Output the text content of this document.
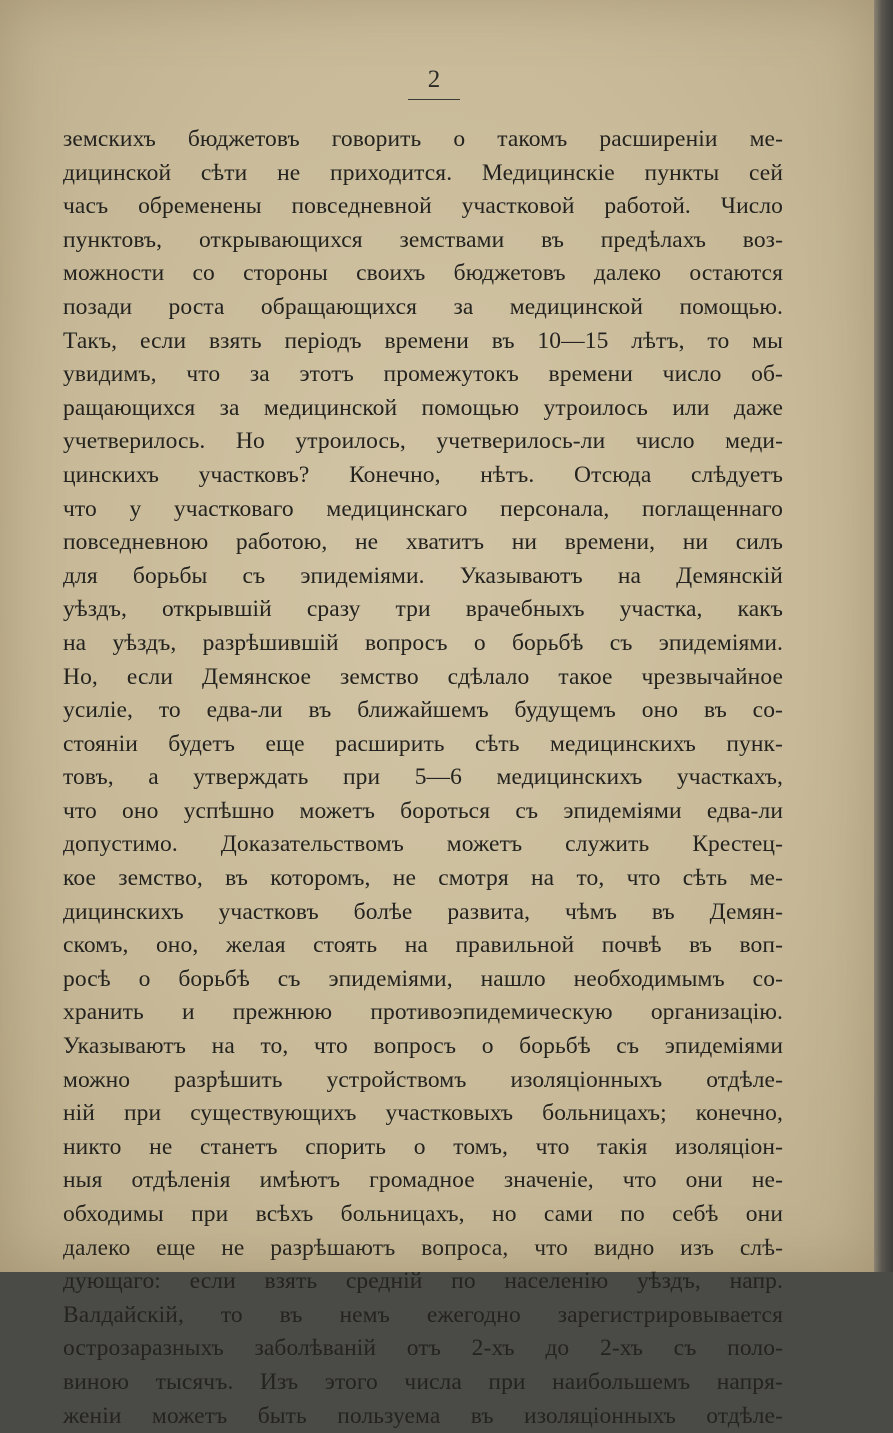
2
земскихъ бюджетовъ говорить о такомъ расширенiи ме-
дицинской сѣти не приходится. Медицинскiе пункты сей
часъ обременены повседневной участковой работой. Число
пунктовъ, открывающихся земствами въ предѣлахъ воз-
можности со стороны своихъ бюджетовъ далеко остаются
позади роста обращающихся за медицинской помощью.
Такъ, если взять перiодъ времени въ 10—15 лѣтъ, то мы
увидимъ, что за этотъ промежутокъ времени число об-
ращающихся за медицинской помощью утроилось или даже
учетверилось. Но утроилось, учетверилось-ли число меди-
цинскихъ участковъ? Конечно, нѣтъ. Отсюда слѣдуетъ
что у участковаго медицинскаго персонала, поглащеннаго
повседневною работою, не хватитъ ни времени, ни силъ
для борьбы съ эпидемiями. Указываютъ на Демянскiй
уѣздъ, открывшiй сразу три врачебныхъ участка, какъ
на уѣздъ, разрѣшившiй вопросъ о борьбѣ съ эпидемiями.
Но, если Демянское земство сдѣлало такое чрезвычайное
усилiе, то едва-ли въ ближайшемъ будущемъ оно въ со-
стоянiи будетъ еще расширить сѣть медицинскихъ пунк-
товъ, а утверждать при 5—6 медицинскихъ участкахъ,
что оно успѣшно можетъ бороться съ эпидемiями едва-ли
допустимо. Доказательствомъ можетъ служить Крестец-
кое земство, въ которомъ, не смотря на то, что сѣть ме-
дицинскихъ участковъ болѣе развита, чѣмъ въ Демян-
скомъ, оно, желая стоять на правильной почвѣ въ воп-
росѣ о борьбѣ съ эпидемiями, нашло необходимымъ со-
хранить и прежнюю противоэпидемическую организацiю.
Указываютъ на то, что вопросъ о борьбѣ съ эпидемiями
можно разрѣшить устройствомъ изоляцiонныхъ отдѣле-
нiй при существующихъ участковыхъ больницахъ; конечно,
никто не станетъ спорить о томъ, что такiя изоляцiон-
ныя отдѣленiя имѣютъ громадное значенiе, что они не-
обходимы при всѣхъ больницахъ, но сами по себѣ они
далеко еще не разрѣшаютъ вопроса, что видно изъ слѣ-
дующаго: если взять среднiй по населенiю уѣздъ, напр.
Валдайскiй, то въ немъ ежегодно зарегистрировывается
острозаразныхъ заболѣванiй отъ 2-хъ до 2-хъ съ поло-
виною тысячъ. Изъ этого числа при наибольшемъ напря-
женiи можетъ быть пользуема въ изоляцiонныхъ отдѣле-
